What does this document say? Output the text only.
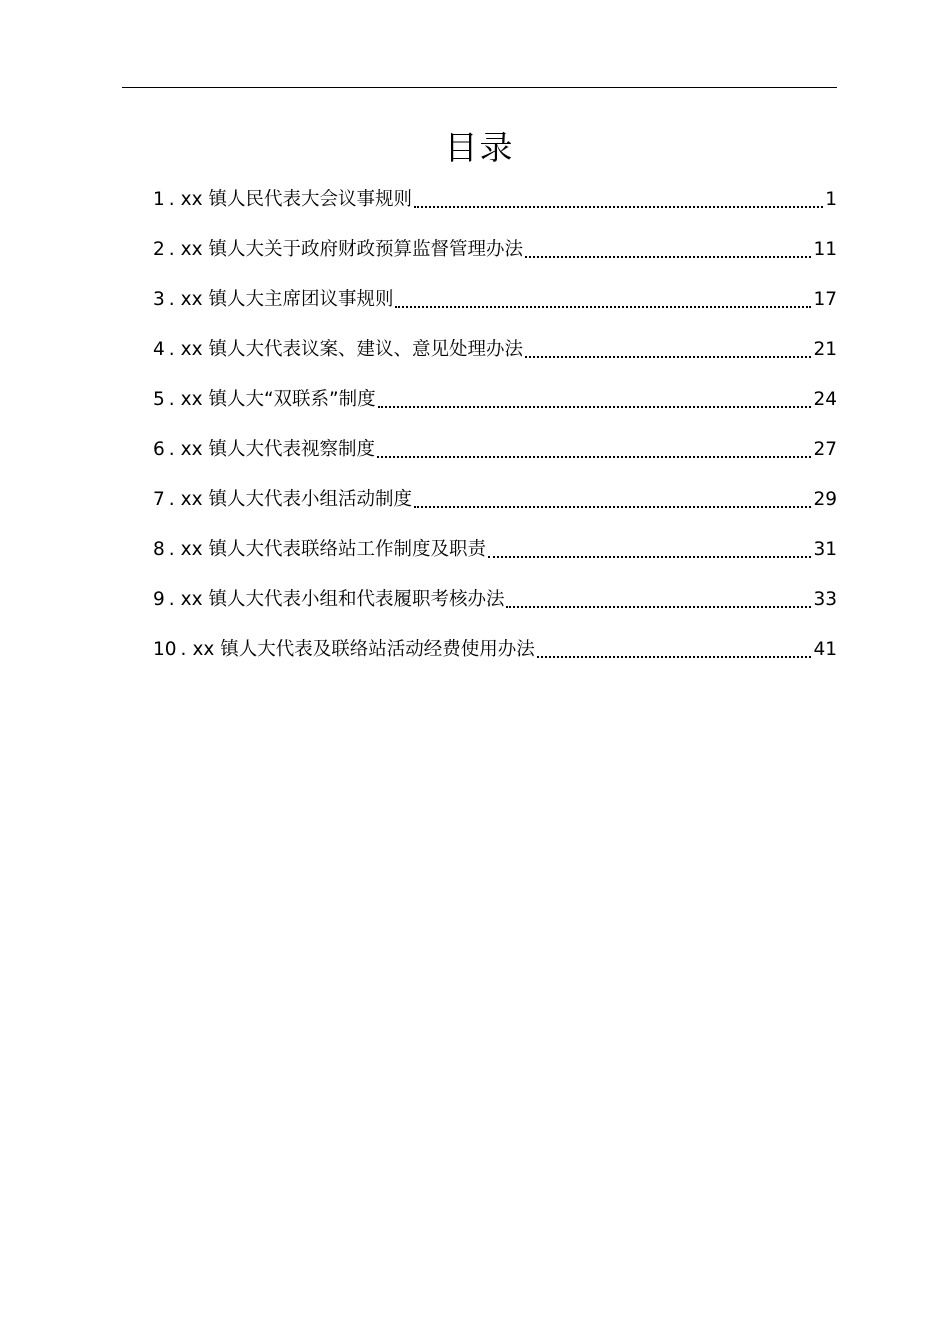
目录
1 . xx 镇人民代表大会议事规则	1
2 . xx 镇人大关于政府财政预算监督管理办法	11
3 . xx 镇人大主席团议事规则	17
4 . xx 镇人大代表议案、建议、意见处理办法	21
5 . xx 镇人大“双联系”制度	24
6 . xx 镇人大代表视察制度	27
7 . xx 镇人大代表小组活动制度	29
8 . xx 镇人大代表联络站工作制度及职责	31
9 . xx 镇人大代表小组和代表履职考核办法	33
10 . xx 镇人大代表及联络站活动经费使用办法	41
